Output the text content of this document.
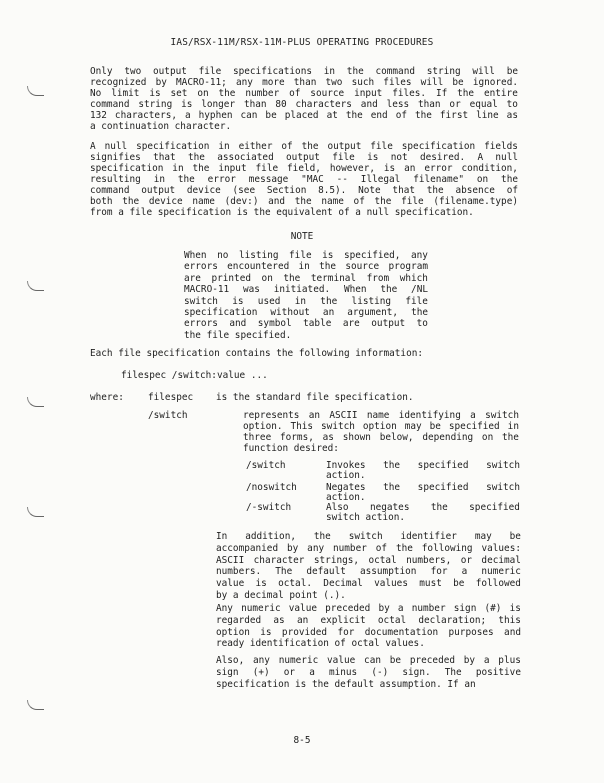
IAS/RSX-11M/RSX-11M-PLUS OPERATING PROCEDURES
Only two output file specifications in the command string will be
recognized by MACRO-11; any more than two such files will be ignored.
No limit is set on the number of source input files. If the entire
command string is longer than 80 characters and less than or equal to
132 characters, a hyphen can be placed at the end of the first line as
a continuation character.
A null specification in either of the output file specification fields
signifies that the associated output file is not desired. A null
specification in the input file field, however, is an error condition,
resulting in the error message "MAC -- Illegal filename" on the
command output device (see Section 8.5). Note that the absence of
both the device name (dev:) and the name of the file (filename.type)
from a file specification is the equivalent of a null specification.
NOTE
When no listing file is specified, any
errors encountered in the source program
are printed on the terminal from which
MACRO-11 was initiated. When the /NL
switch is used in the listing file
specification without an argument, the
errors and symbol table are output to
the file specified.
Each file specification contains the following information:
filespec /switch:value ...
where:	filespec is the standard file specification.
/switch	represents an ASCII name identifying a switch
option. This switch option may be specified in
three forms, as shown below, depending on the
function desired:
/switch	Invokes the specified switch
action.
/noswitch	Negates the specified switch
action.
/-switch	Also negates the specified
switch action.
In addition, the switch identifier may be
accompanied by any number of the following values:
ASCII character strings, octal numbers, or decimal
numbers. The default assumption for a numeric
value is octal. Decimal values must be followed
by a decimal point (.).
Any numeric value preceded by a number sign (#) is
regarded as an explicit octal declaration; this
option is provided for documentation purposes and
ready identification of octal values.
Also, any numeric value can be preceded by a plus
sign (+) or a minus (-) sign. The positive
specification is the default assumption. If an
8-5
